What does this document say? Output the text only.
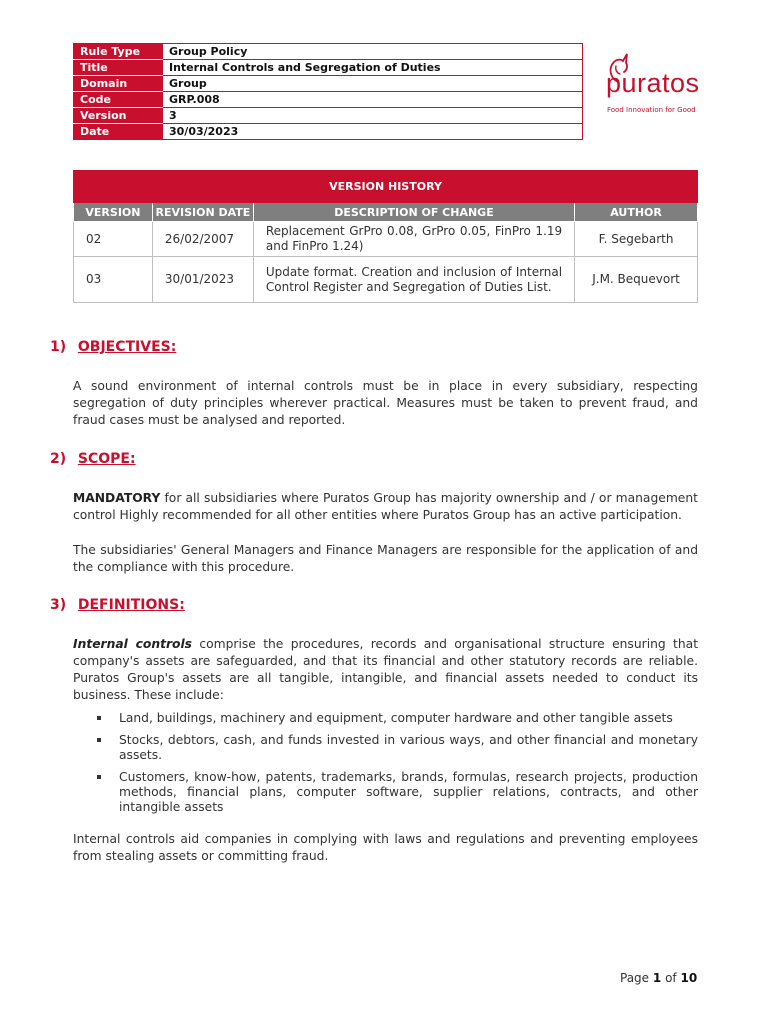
Rule Type	Group Policy
Title	Internal Controls and Segregation of Duties
Domain	Group
Code	GRP.008
Version	3
Date	30/03/2023
puratos
Food Innovation for Good
VERSION HISTORY			
VERSION	REVISION DATE	DESCRIPTION OF CHANGE	AUTHOR
02	26/02/2007	Replacement GrPro 0.08, GrPro 0.05, FinPro 1.19 and FinPro 1.24)	F. Segebarth
03	30/01/2023	Update format. Creation and inclusion of Internal Control Register and Segregation of Duties List.	J.M. Bequevort
1) OBJECTIVES:

A sound environment of internal controls must be in place in every subsidiary, respecting segregation of duty principles wherever practical. Measures must be taken to prevent fraud, and fraud cases must be analysed and reported.

2) SCOPE:

MANDATORY for all subsidiaries where Puratos Group has majority ownership and / or management control Highly recommended for all other entities where Puratos Group has an active participation.

The subsidiaries' General Managers and Finance Managers are responsible for the application of and the compliance with this procedure.

3) DEFINITIONS:

Internal controls comprise the procedures, records and organisational structure ensuring that company's assets are safeguarded, and that its financial and other statutory records are reliable. Puratos Group's assets are all tangible, intangible, and financial assets needed to conduct its business. These include:

Land, buildings, machinery and equipment, computer hardware and other tangible assets
Stocks, debtors, cash, and funds invested in various ways, and other financial and monetary assets.
Customers, know-how, patents, trademarks, brands, formulas, research projects, production methods, financial plans, computer software, supplier relations, contracts, and other intangible assets

Internal controls aid companies in complying with laws and regulations and preventing employees from stealing assets or committing fraud.

Page 1 of 10
